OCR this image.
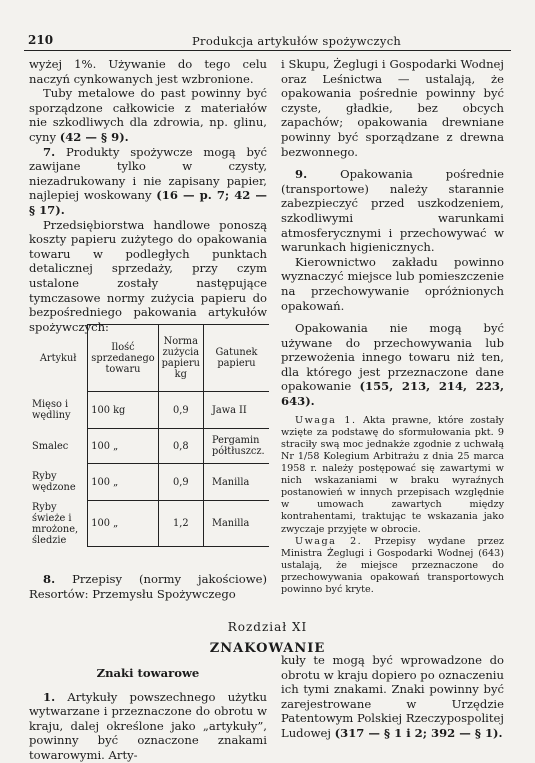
210	Produkcja artykułów spożywczych

wyżej 1%. Używanie do tego celu naczyń cynkowanych jest wzbronione.

Tuby metalowe do past powinny być sporządzone całkowicie z materiałów nie szkodliwych dla zdrowia, np. glinu, cyny (42 — § 9).

7. Produkty spożywcze mogą być zawijane tylko w czysty, niezadrukowany i nie zapisany papier, najlepiej woskowany (16 — p. 7; 42 — § 17).

Przedsiębiorstwa handlowe ponoszą koszty papieru zużytego do opakowania towaru w podległych punktach detalicznej sprzedaży, przy czym ustalone zostały następujące tymczasowe normy zużycia papieru do bezpośredniego pakowania artykułów spożywczych:

Artykuł	Ilość sprzedanego towaru	Norma zużycia papieru kg	Gatunek papieru
Mięso i wędliny	100 kg	0,9	Jawa II
Smalec	100 „	0,8	Pergamin półtłuszcz.
Ryby wędzone	100 „	0,9	Manilla
Ryby świeże i mrożone, śledzie	100 „	1,2	Manilla
8. Przepisy (normy jakościowe) Resortów: Przemysłu Spożywczego

i Skupu, Żeglugi i Gospodarki Wodnej oraz Leśnictwa — ustalają, że opakowania pośrednie powinny być czyste, gładkie, bez obcych zapachów; opakowania drewniane powinny być sporządzane z drewna bezwonnego.

9.	Opakowania pośrednie (transportowe) należy starannie zabezpieczyć przed uszkodzeniem, szkodliwymi warunkami atmosferycznymi i przechowywać w warunkach higienicznych.

Kierownictwo zakładu powinno wyznaczyć miejsce lub pomieszczenie na przechowywanie opróżnionych opakowań.

Opakowania nie mogą być używane do przechowywania lub przewożenia innego towaru niż ten, dla którego jest przeznaczone dane opakowanie (155, 213, 214, 223, 643).

Uwaga 1. Akta prawne, które zostały wzięte za podstawę do sformułowania pkt. 9 straciły swą moc jednakże zgodnie z uchwałą Nr 1/58 Kolegium Arbitrażu z dnia 25 marca 1958 r. należy postępować się zawartymi w nich wskazaniami w braku wyraźnych postanowień w innych przepisach względnie w umowach zawartych między kontrahentami, traktując te wskazania jako zwyczaje przyjęte w obrocie.

Uwaga 2. Przepisy wydane przez Ministra Żeglugi i Gospodarki Wodnej (643) ustalają, że miejsce przeznaczone do przechowywania opakowań transportowych powinno być kryte.

Rozdział XI
ZNAKOWANIE
Znaki towarowe

1. Artykuły powszechnego użytku wytwarzane i przeznaczone do obrotu w kraju, dalej określone jako „artykuły”, powinny być oznaczone znakami towarowymi. Arty-

kuły te mogą być wprowadzone do obrotu w kraju dopiero po oznaczeniu ich tymi znakami. Znaki powinny być zarejestrowane w Urzędzie Patentowym Polskiej Rzeczypospolitej Ludowej (317 — § 1 i 2; 392 — § 1).
